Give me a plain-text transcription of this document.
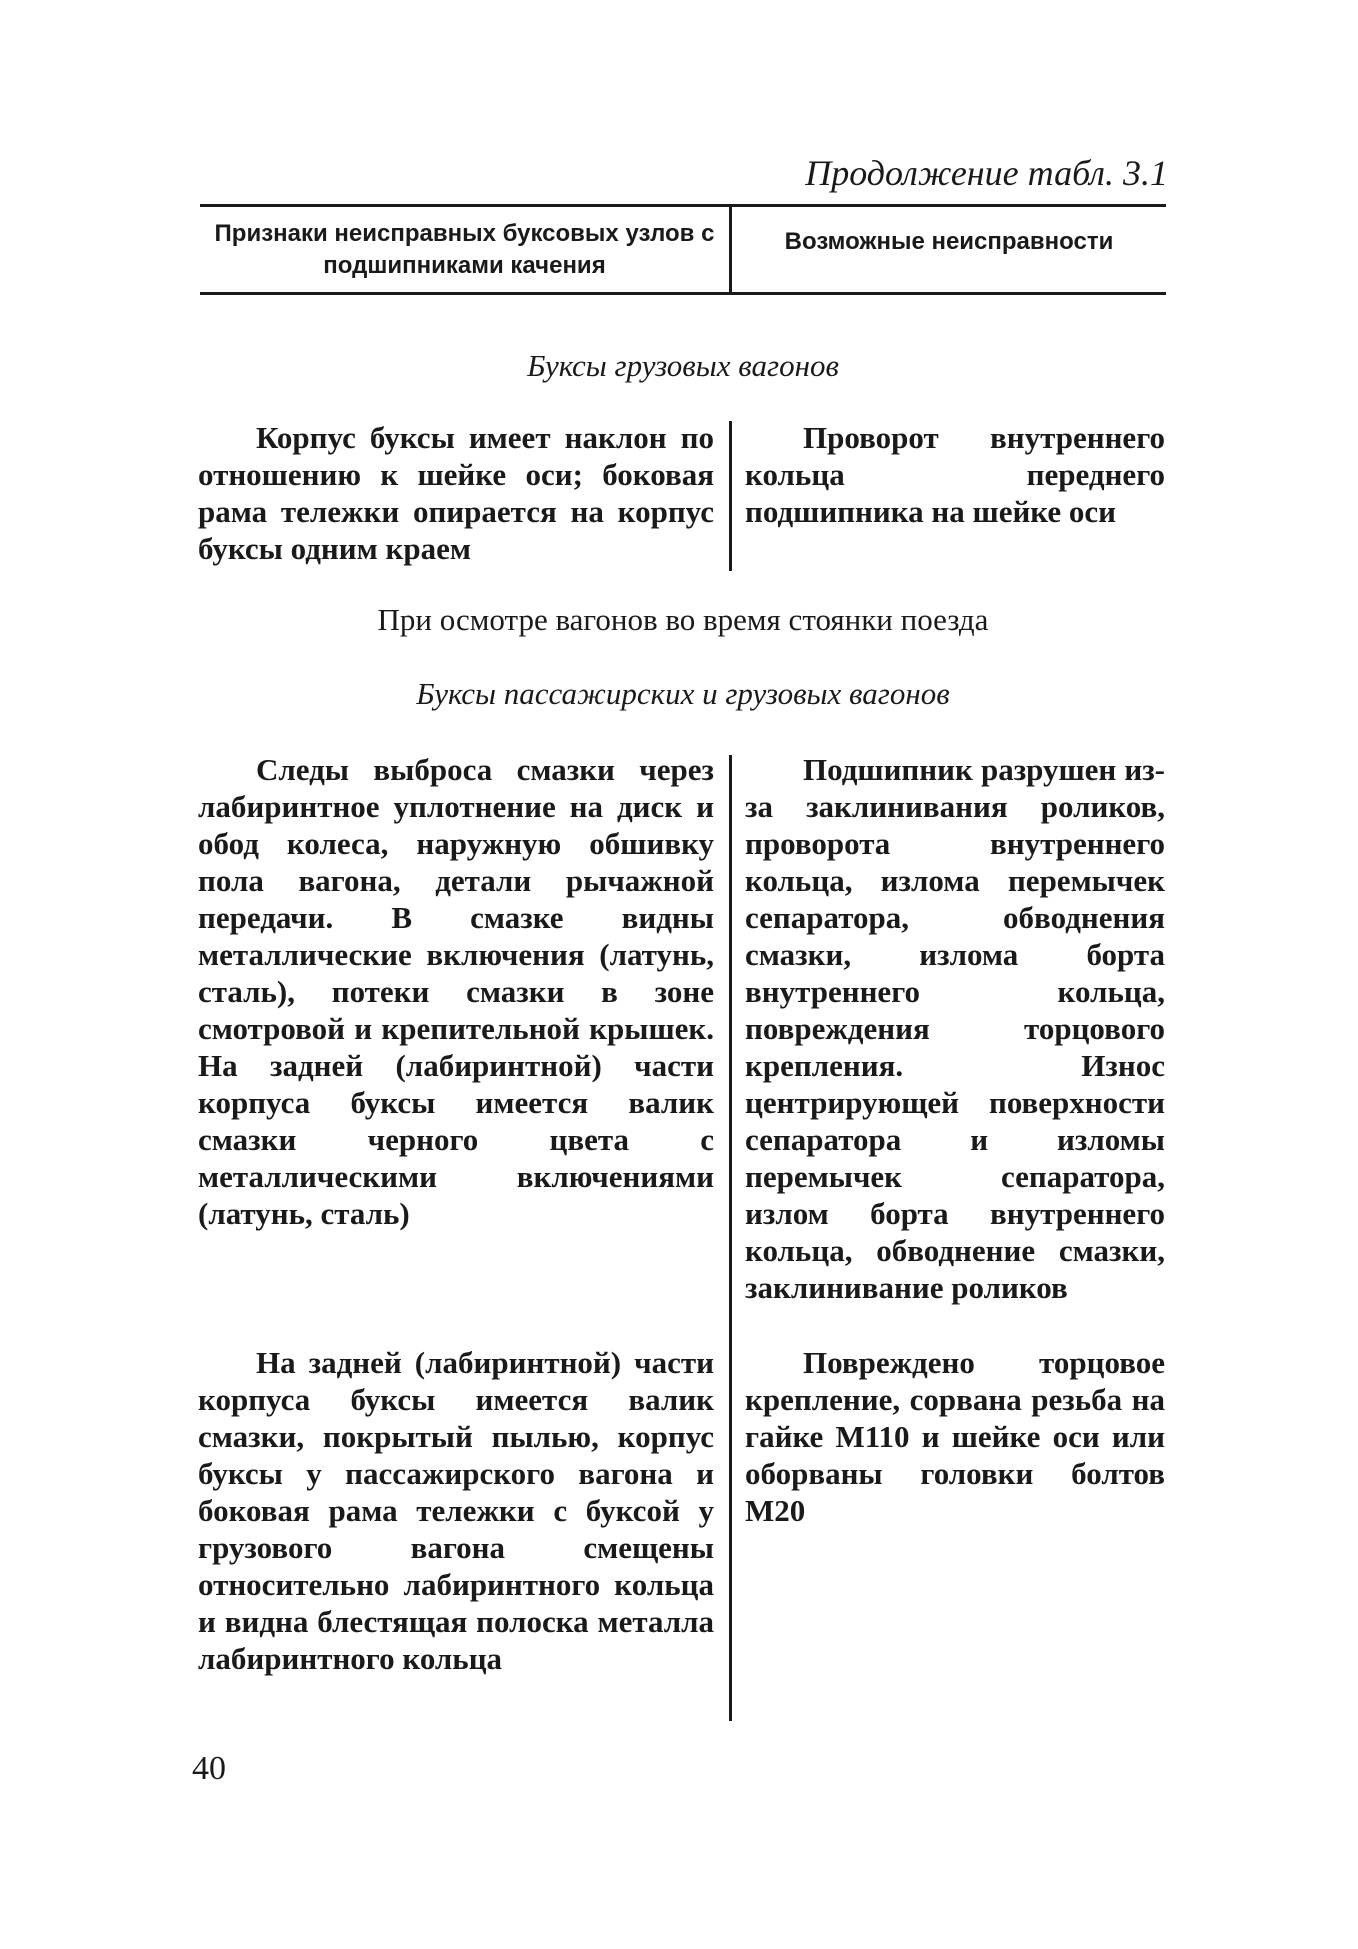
Продолжение табл. 3.1
Признаки неисправных буксовых узлов с подшипниками качения
Возможные неисправности
Буксы грузовых вагонов
Корпус буксы имеет наклон по отношению к шейке оси; боковая рама тележки опирается на корпус буксы одним краем
Проворот внутреннего кольца переднего подшипника на шейке оси
При осмотре вагонов во время стоянки поезда
Буксы пассажирских и грузовых вагонов
Следы выброса смазки через лабиринтное уплотнение на диск и обод колеса, наружную обшивку пола вагона, детали рычажной передачи. В смазке видны металлические включения (латунь, сталь), потеки смазки в зоне смотровой и крепительной крышек. На задней (лабиринтной) части корпуса буксы имеется валик смазки черного цвета с металлическими включениями (латунь, сталь)
Подшипник разрушен из-за заклинивания роликов, проворота внутреннего кольца, излома перемычек сепаратора, обводнения смазки, излома борта внутреннего кольца, повреждения торцового крепления. Износ центрирующей поверхности сепаратора и изломы перемычек сепаратора, излом борта внутреннего кольца, обводнение смазки, заклинивание роликов
На задней (лабиринтной) части корпуса буксы имеется валик смазки, покрытый пылью, корпус буксы у пассажирского вагона и боковая рама тележки с буксой у грузового вагона смещены относительно лабиринтного кольца и видна блестящая полоска металла лабиринтного кольца
Повреждено торцовое крепление, сорвана резьба на гайке М110 и шейке оси или оборваны головки болтов М20
40
